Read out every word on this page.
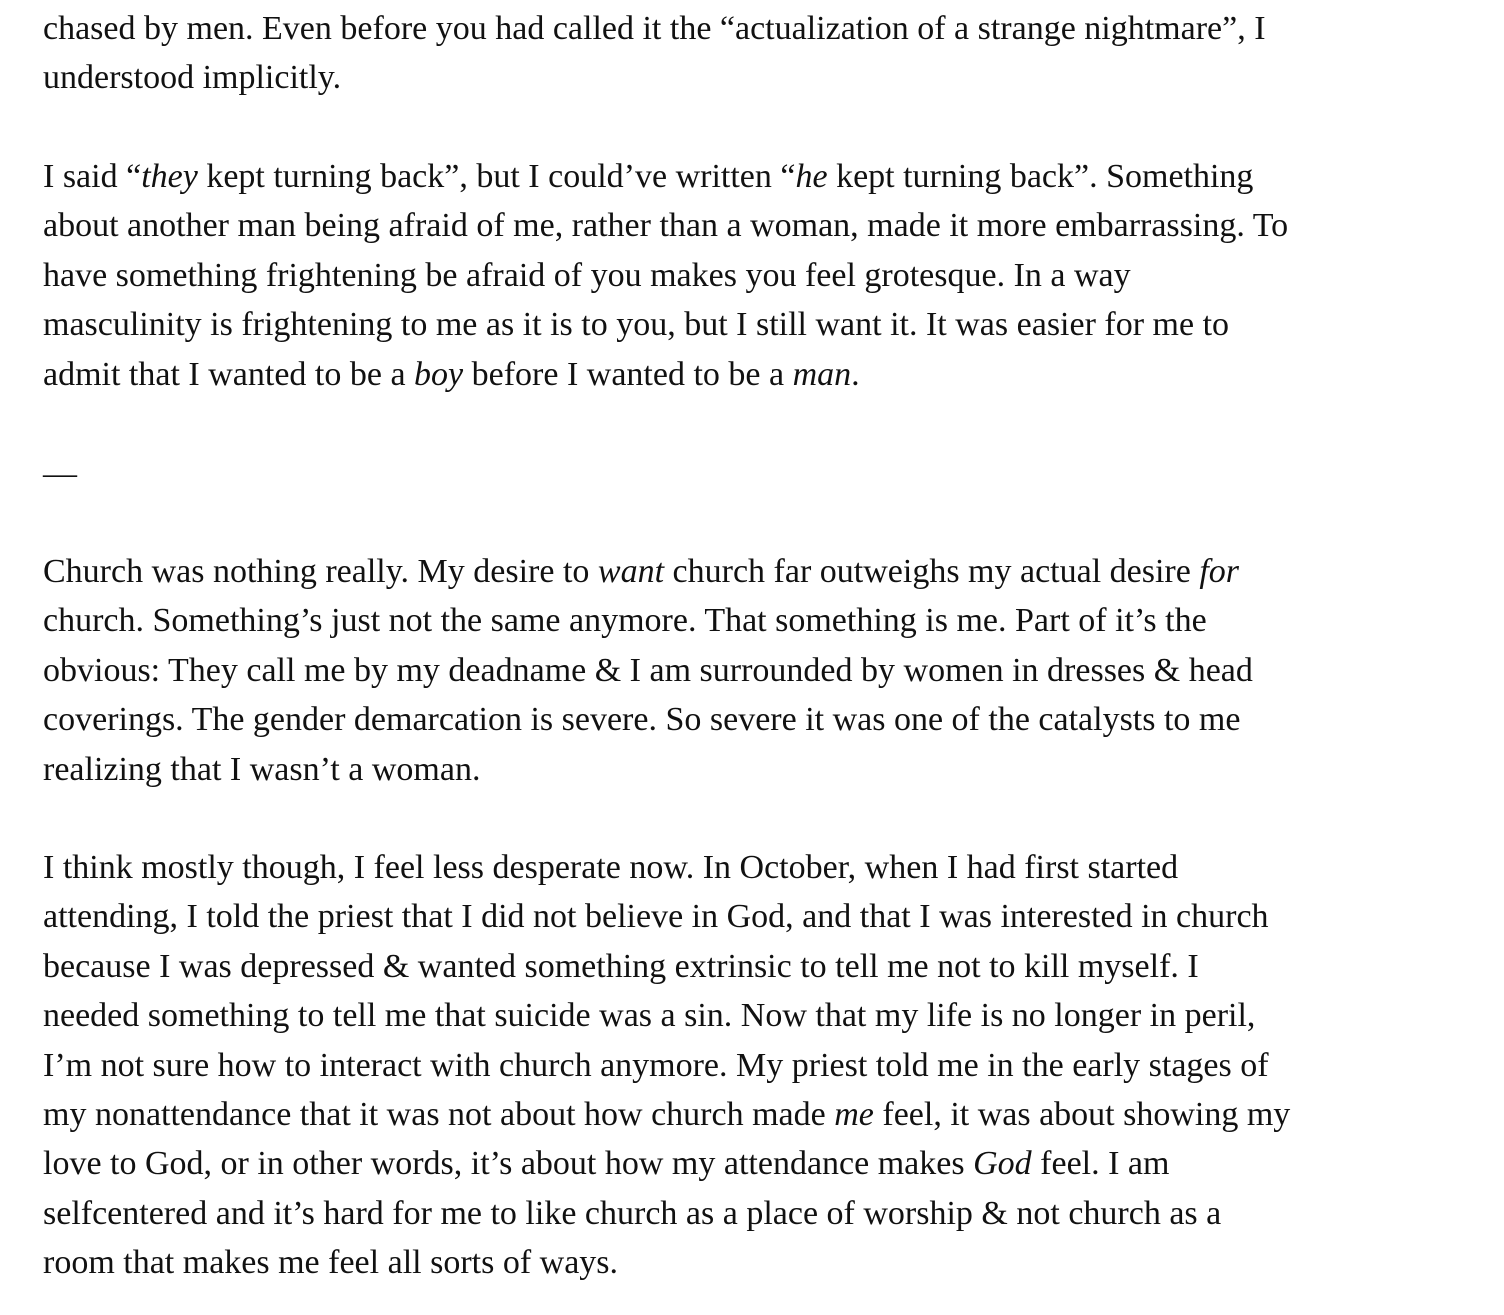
chased by men. Even before you had called it the “actualization of a strange nightmare”, I
understood implicitly.
I said “they kept turning back”, but I could’ve written “he kept turning back”. Something
about another man being afraid of me, rather than a woman, made it more embarrassing. To
have something frightening be afraid of you makes you feel grotesque. In a way
masculinity is frightening to me as it is to you, but I still want it. It was easier for me to
admit that I wanted to be a boy before I wanted to be a man.
—
Church was nothing really. My desire to want church far outweighs my actual desire for
church. Something’s just not the same anymore. That something is me. Part of it’s the
obvious: They call me by my deadname & I am surrounded by women in dresses & head
coverings. The gender demarcation is severe. So severe it was one of the catalysts to me
realizing that I wasn’t a woman.
I think mostly though, I feel less desperate now. In October, when I had first started
attending, I told the priest that I did not believe in God, and that I was interested in church
because I was depressed & wanted something extrinsic to tell me not to kill myself. I
needed something to tell me that suicide was a sin. Now that my life is no longer in peril,
I’m not sure how to interact with church anymore. My priest told me in the early stages of
my nonattendance that it was not about how church made me feel, it was about showing my
love to God, or in other words, it’s about how my attendance makes God feel. I am
selfcentered and it’s hard for me to like church as a place of worship & not church as a
room that makes me feel all sorts of ways.
